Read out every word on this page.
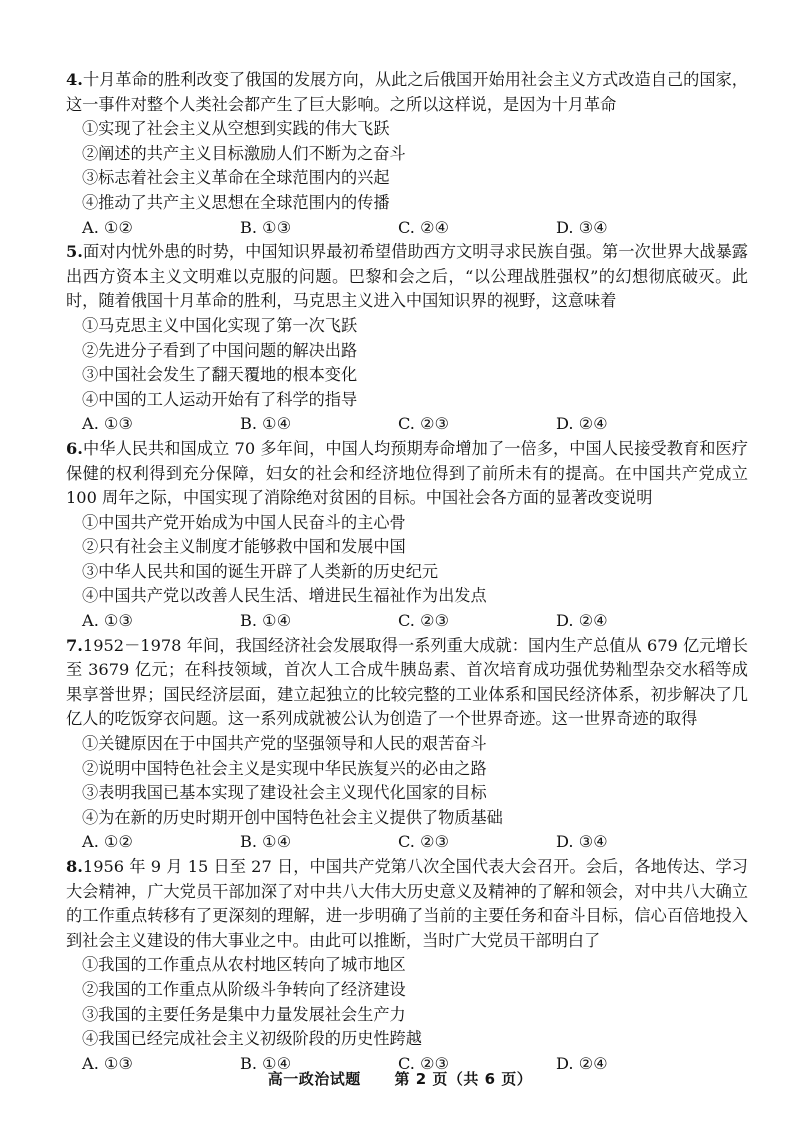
4.十月革命的胜利改变了俄国的发展方向，从此之后俄国开始用社会主义方式改造自己的国家，这一事件对整个人类社会都产生了巨大影响。之所以这样说，是因为十月革命

①实现了社会主义从空想到实践的伟大飞跃

②阐述的共产主义目标激励人们不断为之奋斗

③标志着社会主义革命在全球范围内的兴起

④推动了共产主义思想在全球范围内的传播

A. ①②	B. ①③	C. ②④	D. ③④

5.面对内忧外患的时势，中国知识界最初希望借助西方文明寻求民族自强。第一次世界大战暴露出西方资本主义文明难以克服的问题。巴黎和会之后，“以公理战胜强权”的幻想彻底破灭。此时，随着俄国十月革命的胜利，马克思主义进入中国知识界的视野，这意味着

①马克思主义中国化实现了第一次飞跃

②先进分子看到了中国问题的解决出路

③中国社会发生了翻天覆地的根本变化

④中国的工人运动开始有了科学的指导

A. ①③	B. ①④	C. ②③	D. ②④

6.中华人民共和国成立 70 多年间，中国人均预期寿命增加了一倍多，中国人民接受教育和医疗保健的权利得到充分保障，妇女的社会和经济地位得到了前所未有的提高。在中国共产党成立 100 周年之际，中国实现了消除绝对贫困的目标。中国社会各方面的显著改变说明

①中国共产党开始成为中国人民奋斗的主心骨

②只有社会主义制度才能够救中国和发展中国

③中华人民共和国的诞生开辟了人类新的历史纪元

④中国共产党以改善人民生活、增进民生福祉作为出发点

A. ①③	B. ①④	C. ②③	D. ②④

7.1952－1978 年间，我国经济社会发展取得一系列重大成就：国内生产总值从 679 亿元增长至 3679 亿元；在科技领域，首次人工合成牛胰岛素、首次培育成功强优势籼型杂交水稻等成果享誉世界；国民经济层面，建立起独立的比较完整的工业体系和国民经济体系，初步解决了几亿人的吃饭穿衣问题。这一系列成就被公认为创造了一个世界奇迹。这一世界奇迹的取得

①关键原因在于中国共产党的坚强领导和人民的艰苦奋斗

②说明中国特色社会主义是实现中华民族复兴的必由之路

③表明我国已基本实现了建设社会主义现代化国家的目标

④为在新的历史时期开创中国特色社会主义提供了物质基础

A. ①②	B. ①④	C. ②③	D. ③④

8.1956 年 9 月 15 日至 27 日，中国共产党第八次全国代表大会召开。会后，各地传达、学习大会精神，广大党员干部加深了对中共八大伟大历史意义及精神的了解和领会，对中共八大确立的工作重点转移有了更深刻的理解，进一步明确了当前的主要任务和奋斗目标，信心百倍地投入到社会主义建设的伟大事业之中。由此可以推断，当时广大党员干部明白了

①我国的工作重点从农村地区转向了城市地区

②我国的工作重点从阶级斗争转向了经济建设

③我国的主要任务是集中力量发展社会生产力

④我国已经完成社会主义初级阶段的历史性跨越

A. ①③	B. ①④	C. ②③	D. ②④
高一政治试题 第 2 页（共 6 页）
